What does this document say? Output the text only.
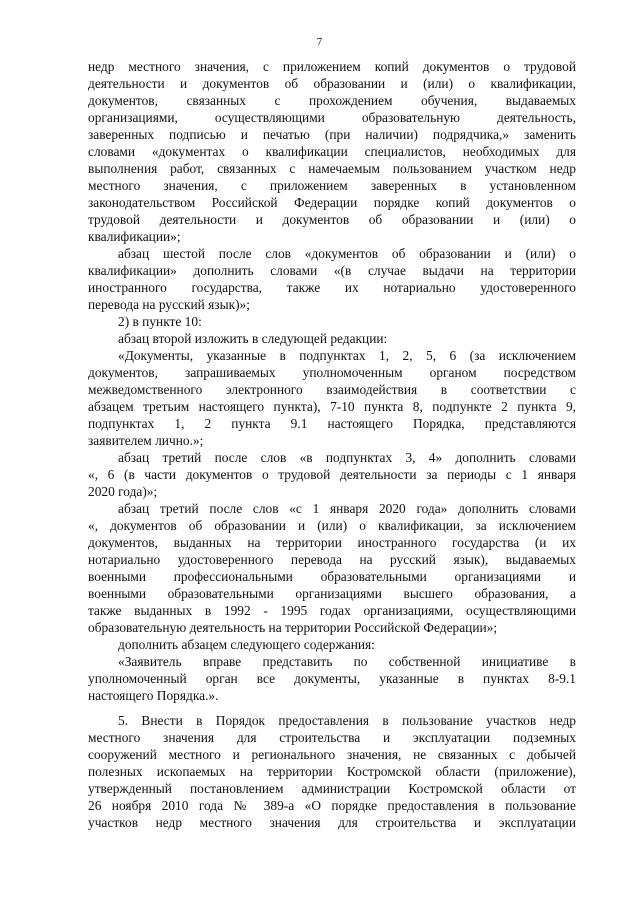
7

недр местного значения, с приложением копий документов о трудовой

деятельности и документов об образовании и (или) о квалификации,

документов, связанных с прохождением обучения, выдаваемых

организациями, осуществляющими образовательную деятельность,

заверенных подписью и печатью (при наличии) подрядчика,» заменить

словами «документах о квалификации специалистов, необходимых для

выполнения работ, связанных с намечаемым пользованием участком недр

местного значения, с приложением заверенных в установленном

законодательством Российской Федерации порядке копий документов о

трудовой деятельности и документов об образовании и (или) о

квалификации»;

абзац шестой после слов «документов об образовании и (или) о

квалификации» дополнить словами «(в случае выдачи на территории

иностранного государства, также их нотариально удостоверенного

перевода на русский язык)»;

2) в пункте 10:

абзац второй изложить в следующей редакции:

«Документы, указанные в подпунктах 1, 2, 5, 6 (за исключением

документов, запрашиваемых уполномоченным органом посредством

межведомственного электронного взаимодействия в соответствии с

абзацем третьим настоящего пункта), 7-10 пункта 8, подпункте 2 пункта 9,

подпунктах 1, 2 пункта 9.1 настоящего Порядка, представляются

заявителем лично.»;

абзац третий после слов «в подпунктах 3, 4» дополнить словами

«, 6 (в части документов о трудовой деятельности за периоды с 1 января

2020 года)»;

абзац третий после слов «с 1 января 2020 года» дополнить словами

«, документов об образовании и (или) о квалификации, за исключением

документов, выданных на территории иностранного государства (и их

нотариально удостоверенного перевода на русский язык), выдаваемых

военными профессиональными образовательными организациями и

военными образовательными организациями высшего образования, а

также выданных в 1992 - 1995 годах организациями, осуществляющими

образовательную деятельность на территории Российской Федерации»;

дополнить абзацем следующего содержания:

«Заявитель вправе представить по собственной инициативе в

уполномоченный орган все документы, указанные в пунктах 8-9.1

настоящего Порядка.».

5. Внести в Порядок предоставления в пользование участков недр

местного значения для строительства и эксплуатации подземных

сооружений местного и регионального значения, не связанных с добычей

полезных ископаемых на территории Костромской области (приложение),

утвержденный постановлением администрации Костромской области от

26 ноября 2010 года № 389-а «О порядке предоставления в пользование

участков недр местного значения для строительства и эксплуатации
